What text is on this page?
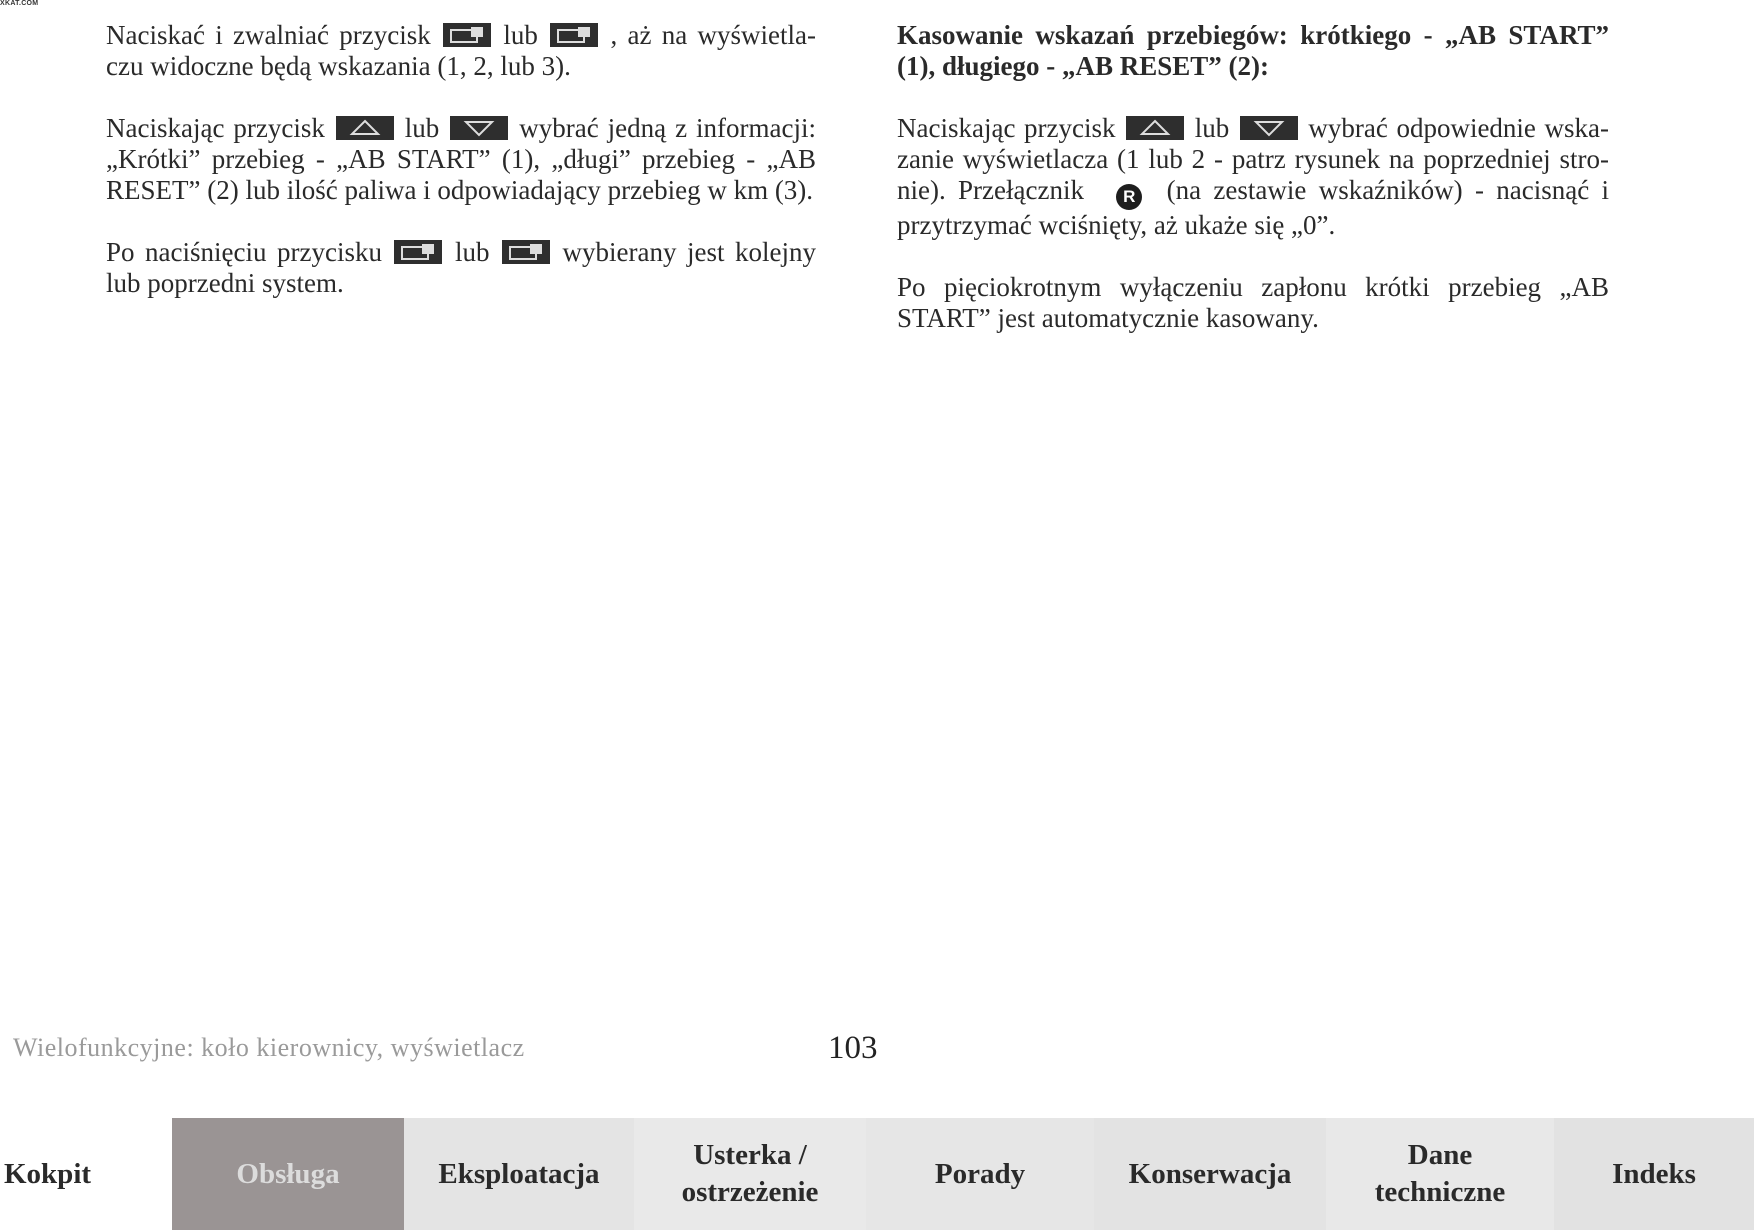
XKAT.COM

Naciskać i zwalniać przycisk	lub	, aż na wyświetla-czu widoczne będą wskazania (1, 2, lub 3).

Naciskając przycisk	lub	wybrać jedną z informacji: „Krótki” przebieg - „AB START” (1), „długi” przebieg - „AB RESET” (2) lub ilość paliwa i odpowiadający przebieg w km (3).

Po naciśnięciu przycisku	lub	wybierany jest kolejny lub poprzedni system.

Kasowanie wskazań przebiegów: krótkiego - „AB START” (1), długiego - „AB RESET” (2):

Naciskając przycisk	lub	wybrać odpowiednie wska-zanie wyświetlacza (1 lub 2 - patrz rysunek na poprzedniej stro-nie). Przełącznik R (na zestawie wskaźników) - nacisnąć i przytrzymać wciśnięty, aż ukaże się „0”.

Po pięciokrotnym wyłączeniu zapłonu krótki przebieg „AB START” jest automatycznie kasowany.

Wielofunkcyjne: koło kierownicy, wyświetlacz	103
Kokpit	Obsługa	Eksploatacja
Usterka /
ostrzeżenie
Porady	Konserwacja
Dane
techniczne
Indeks
